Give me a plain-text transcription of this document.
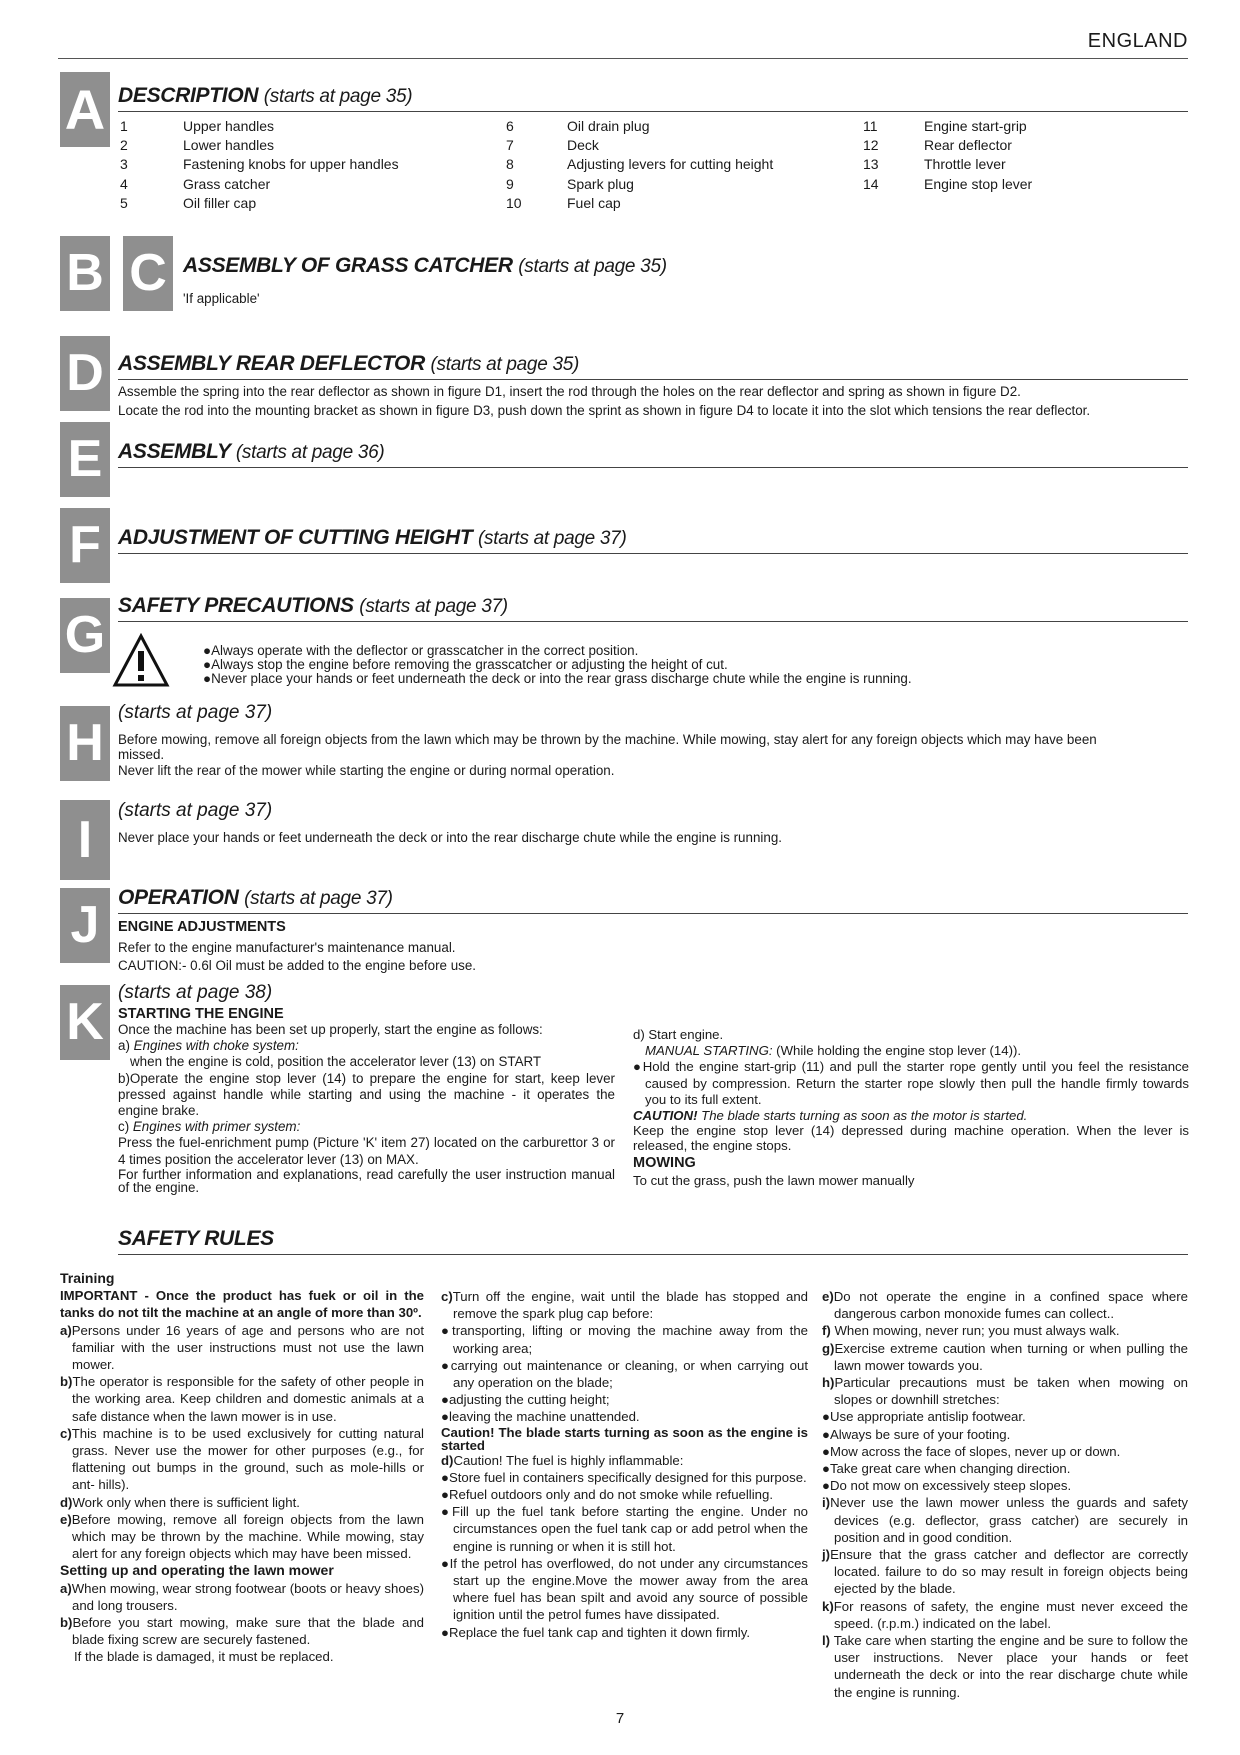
ENGLAND
A DESCRIPTION (starts at page 35)
1	Upper handles
2	Lower handles
3	Fastening knobs for upper handles
4	Grass catcher
5	Oil filler cap
6	Oil drain plug
7	Deck
8	Adjusting levers for cutting height
9	Spark plug
10	Fuel cap
11	Engine start-grip
12	Rear deflector
13	Throttle lever
14	Engine stop lever
B C ASSEMBLY OF GRASS CATCHER (starts at page 35)
'If applicable'
D ASSEMBLY REAR DEFLECTOR (starts at page 35)
Assemble the spring into the rear deflector as shown in figure D1, insert the rod through the holes on the rear deflector and spring as shown in figure D2.
Locate the rod into the mounting bracket as shown in figure D3, push down the sprint as shown in figure D4 to locate it into the slot which tensions the rear deflector.
E ASSEMBLY (starts at page 36)
F ADJUSTMENT OF CUTTING HEIGHT (starts at page 37)
G
SAFETY PRECAUTIONS (starts at page 37)
● Always operate with the deflector or grasscatcher in the correct position.
● Always stop the engine before removing the grasscatcher or adjusting the height of cut.
● Never place your hands or feet underneath the deck or into the rear grass discharge chute while the engine is running.
H
(starts at page 37)
Before mowing, remove all foreign objects from the lawn which may be thrown by the machine. While mowing, stay alert for any foreign objects which may have been
missed.
Never lift the rear of the mower while starting the engine or during normal operation.
I
(starts at page 37)
Never place your hands or feet underneath the deck or into the rear discharge chute while the engine is running.
J OPERATION (starts at page 37)
ENGINE ADJUSTMENTS
Refer to the engine manufacturer's maintenance manual.
CAUTION:- 0.6l Oil must be added to the engine before use.
K
(starts at page 38)
STARTING THE ENGINE

Once the machine has been set up properly, start the engine as follows:

a) Engines with choke system:

when the engine is cold, position the accelerator lever (13) on START

b)Operate the engine stop lever (14) to prepare the engine for start, keep lever pressed against handle while starting and using the machine - it operates the engine brake.

c) Engines with primer system:

Press the fuel-enrichment pump (Picture 'K' item 27) located on the carburettor 3 or 4 times position the accelerator lever (13) on MAX.

For further information and explanations, read carefully the user instruction manual of the engine.

d) Start engine.

MANUAL STARTING: (While holding the engine stop lever (14)).

●Hold the engine start-grip (11) and pull the starter rope gently until you feel the resistance caused by compression. Return the starter rope slowly then pull the handle firmly towards you to its full extent.

CAUTION! The blade starts turning as soon as the motor is started.

Keep the engine stop lever (14) depressed during machine operation. When the lever is released, the engine stops.

MOWING

To cut the grass, push the lawn mower manually

SAFETY RULES

Training

IMPORTANT - Once the product has fuek or oil in the tanks do not tilt the machine at an angle of more than 30º.

a)Persons under 16 years of age and persons who are not familiar with the user instructions must not use the lawn mower.

b)The operator is responsible for the safety of other people in the working area. Keep children and domestic animals at a safe distance when the lawn mower is in use.

c)This machine is to be used exclusively for cutting natural grass. Never use the mower for other purposes (e.g., for flattening out bumps in the ground, such as mole-hills or ant- hills).

d)Work only when there is sufficient light.

e)Before mowing, remove all foreign objects from the lawn which may be thrown by the machine. While mowing, stay alert for any foreign objects which may have been missed.

Setting up and operating the lawn mower

a)When mowing, wear strong footwear (boots or heavy shoes) and long trousers.

b)Before you start mowing, make sure that the blade and blade fixing screw are securely fastened.

If the blade is damaged, it must be replaced.

c)Turn off the engine, wait until the blade has stopped and remove the spark plug cap before:

● transporting, lifting or moving the machine away from the working area;

● carrying out maintenance or cleaning, or when carrying out any operation on the blade;

● adjusting the cutting height;

● leaving the machine unattended.

Caution! The blade starts turning as soon as the engine is started

d)Caution! The fuel is highly inflammable:

● Store fuel in containers specifically designed for this purpose.

● Refuel outdoors only and do not smoke while refuelling.

● Fill up the fuel tank before starting the engine. Under no circumstances open the fuel tank cap or add petrol when the engine is running or when it is still hot.

● If the petrol has overflowed, do not under any circumstances start up the engine.Move the mower away from the area where fuel has bean spilt and avoid any source of possible ignition until the petrol fumes have dissipated.

● Replace the fuel tank cap and tighten it down firmly.

e)Do not operate the engine in a confined space where dangerous carbon monoxide fumes can collect..

f) When mowing, never run; you must always walk.

g)Exercise extreme caution when turning or when pulling the lawn mower towards you.

h)Particular precautions must be taken when mowing on slopes or downhill stretches:

● Use appropriate antislip footwear.

● Always be sure of your footing.

● Mow across the face of slopes, never up or down.

● Take great care when changing direction.

● Do not mow on excessively steep slopes.

i)Never use the lawn mower unless the guards and safety devices (e.g. deflector, grass catcher) are securely in position and in good condition.

j)Ensure that the grass catcher and deflector are correctly located. failure to do so may result in foreign objects being ejected by the blade.

k)For reasons of safety, the engine must never exceed the speed. (r.p.m.) indicated on the label.

l) Take care when starting the engine and be sure to follow the user instructions. Never place your hands or feet underneath the deck or into the rear discharge chute while the engine is running.

7
